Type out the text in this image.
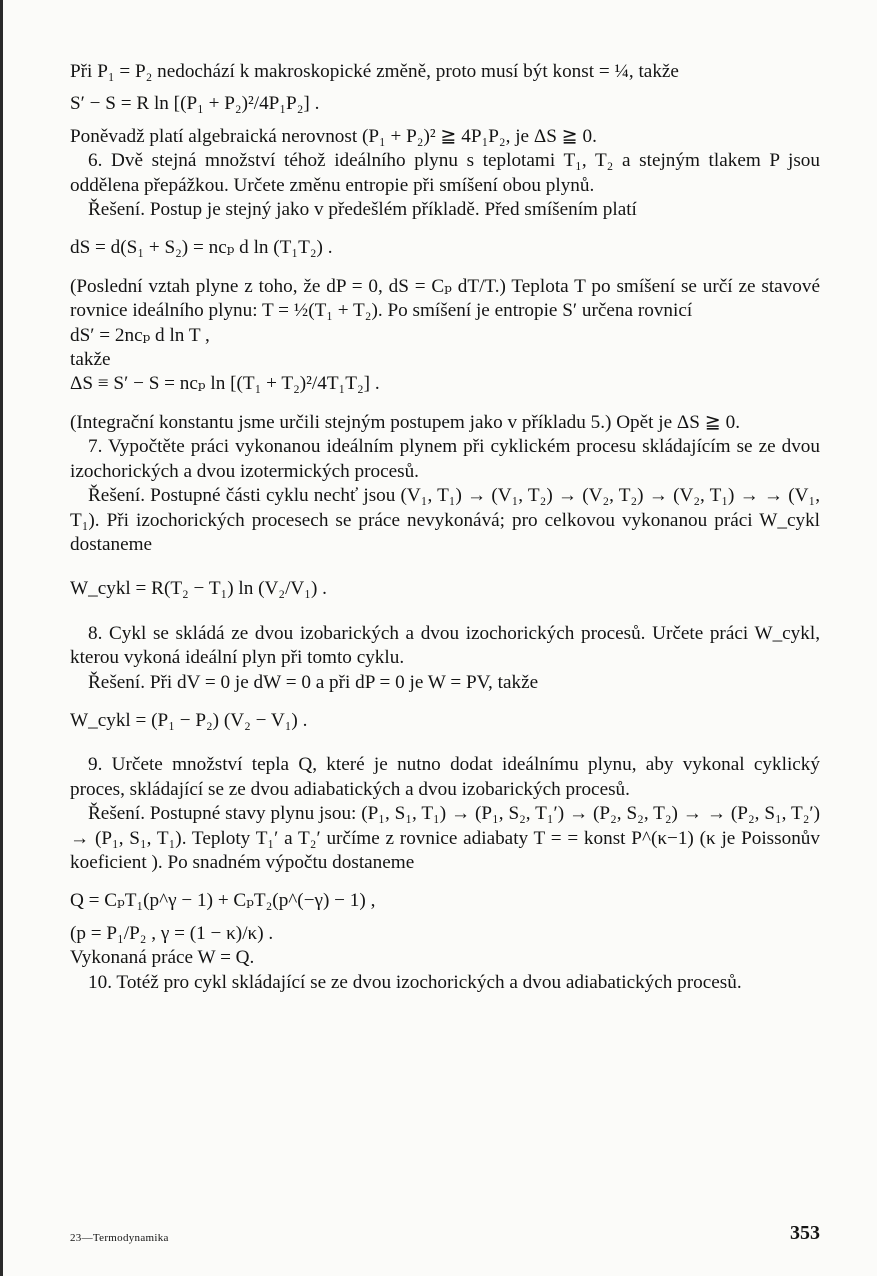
Při P₁ = P₂ nedochází k makroskopické změně, proto musí být konst = ¼, takže

S′ − S = R ln [(P₁ + P₂)²/4P₁P₂] .

Poněvadž platí algebraická nerovnost (P₁ + P₂)² ≧ 4P₁P₂, je ΔS ≧ 0.

6. Dvě stejná množství téhož ideálního plynu s teplotami T₁, T₂ a stejným tlakem P jsou oddělena přepážkou. Určete změnu entropie při smíšení obou plynů.

Řešení. Postup je stejný jako v předešlém příkladě. Před smíšením platí

dS = d(S₁ + S₂) = ncₚ d ln (T₁T₂) .

(Poslední vztah plyne z toho, že dP = 0, dS = Cₚ dT/T.) Teplota T po smíšení se určí ze stavové rovnice ideálního plynu: T = ½(T₁ + T₂). Po smíšení je entropie S′ určena rovnicí

dS′ = 2ncₚ d ln T ,

takže

ΔS ≡ S′ − S = ncₚ ln [(T₁ + T₂)²/4T₁T₂] .

(Integrační konstantu jsme určili stejným postupem jako v příkladu 5.) Opět je ΔS ≧ 0.

7. Vypočtěte práci vykonanou ideálním plynem při cyklickém procesu skládajícím se ze dvou izochorických a dvou izotermických procesů.

Řešení. Postupné části cyklu nechť jsou (V₁, T₁) → (V₁, T₂) → (V₂, T₂) → (V₂, T₁) → → (V₁, T₁). Při izochorických procesech se práce nevykonává; pro celkovou vykonanou práci W_cykl dostaneme

W_cykl = R(T₂ − T₁) ln (V₂/V₁) .

8. Cykl se skládá ze dvou izobarických a dvou izochorických procesů. Určete práci W_cykl, kterou vykoná ideální plyn při tomto cyklu.

Řešení. Při dV = 0 je dW = 0 a při dP = 0 je W = PV, takže

W_cykl = (P₁ − P₂) (V₂ − V₁) .

9. Určete množství tepla Q, které je nutno dodat ideálnímu plynu, aby vykonal cyklický proces, skládající se ze dvou adiabatických a dvou izobarických procesů.

Řešení. Postupné stavy plynu jsou: (P₁, S₁, T₁) → (P₁, S₂, T₁′) → (P₂, S₂, T₂) → → (P₂, S₁, T₂′) → (P₁, S₁, T₁). Teploty T₁′ a T₂′ určíme z rovnice adiabaty T = = konst P^(κ−1) (κ je Poissonův koeficient ). Po snadném výpočtu dostaneme

Q = CₚT₁(p^γ − 1) + CₚT₂(p^(−γ) − 1) ,

(p = P₁/P₂ , γ = (1 − κ)/κ) .

Vykonaná práce W = Q.

10. Totéž pro cykl skládající se ze dvou izochorických a dvou adiabatických procesů.

23—Termodynamika	353
